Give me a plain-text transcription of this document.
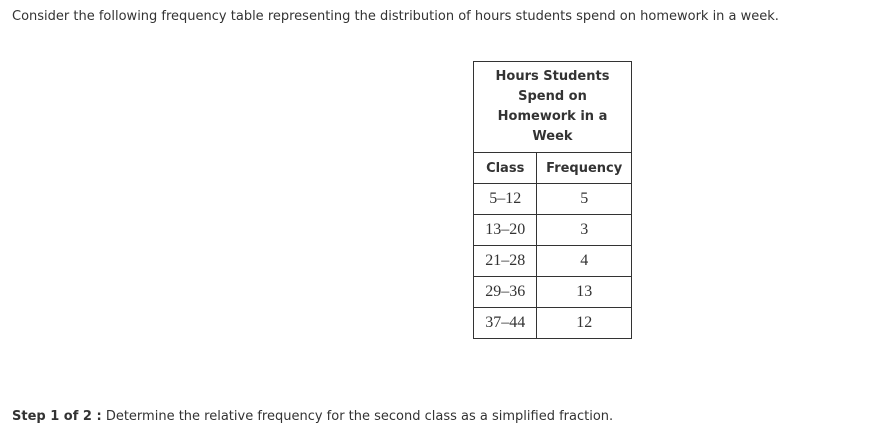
Consider the following frequency table representing the distribution of hours students spend on homework in a week.
Hours Students Spend on Homework in a Week	
Class	Frequency
5–12	5
13–20	3
21–28	4
29–36	13
37–44	12
Step 1 of 2 : Determine the relative frequency for the second class as a simplified fraction.
